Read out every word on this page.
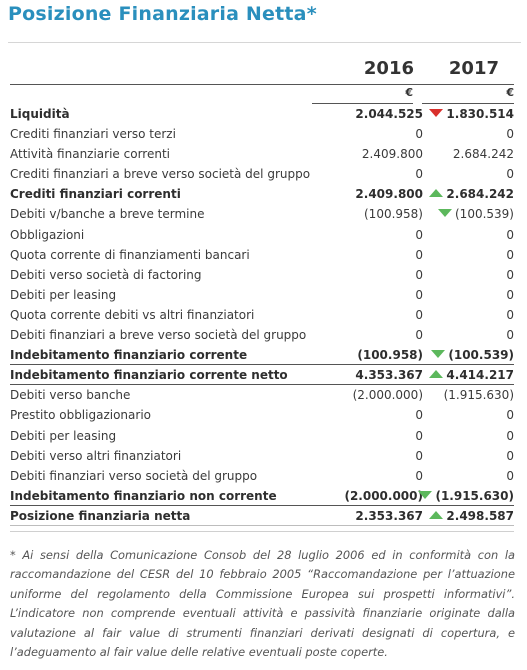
Posizione Finanziaria Netta*
2016 2017
€	€
Liquidità	2.044.525	1.830.514
Crediti finanziari verso terzi	0	0
Attività finanziarie correnti	2.409.800 2.684.242
Crediti finanziari a breve verso società del gruppo	0	0
Crediti finanziari correnti	2.409.800	2.684.242
Debiti v/banche a breve termine	(100.958)	(100.539)
Obbligazioni	0	0
Quota corrente di finanziamenti bancari	0	0
Debiti verso società di factoring	0	0
Debiti per leasing	0	0
Quota corrente debiti vs altri finanziatori	0	0
Debiti finanziari a breve verso società del gruppo	0	0
Indebitamento finanziario corrente	(100.958)	(100.539)
Indebitamento finanziario corrente netto	4.353.367	4.414.217
Debiti verso banche	(2.000.000) (1.915.630)
Prestito obbligazionario	0	0
Debiti per leasing	0	0
Debiti verso altri finanziatori	0	0
Debiti finanziari verso società del gruppo	0	0
Indebitamento finanziario non corrente	(2.000.000)	(1.915.630)
Posizione finanziaria netta	2.353.367	2.498.587
* Ai sensi della Comunicazione Consob del 28 luglio 2006 ed in conformità con la raccomandazione del CESR del 10 febbraio 2005 “Raccomandazione per l’attuazione uniforme del regolamento della Commissione Europea sui prospetti informativi”. L’indicatore non comprende eventuali attività e passività finanziarie originate dalla valutazione al fair value di strumenti finanziari derivati designati di copertura, e l’adeguamento al fair value delle relative eventuali poste coperte.
